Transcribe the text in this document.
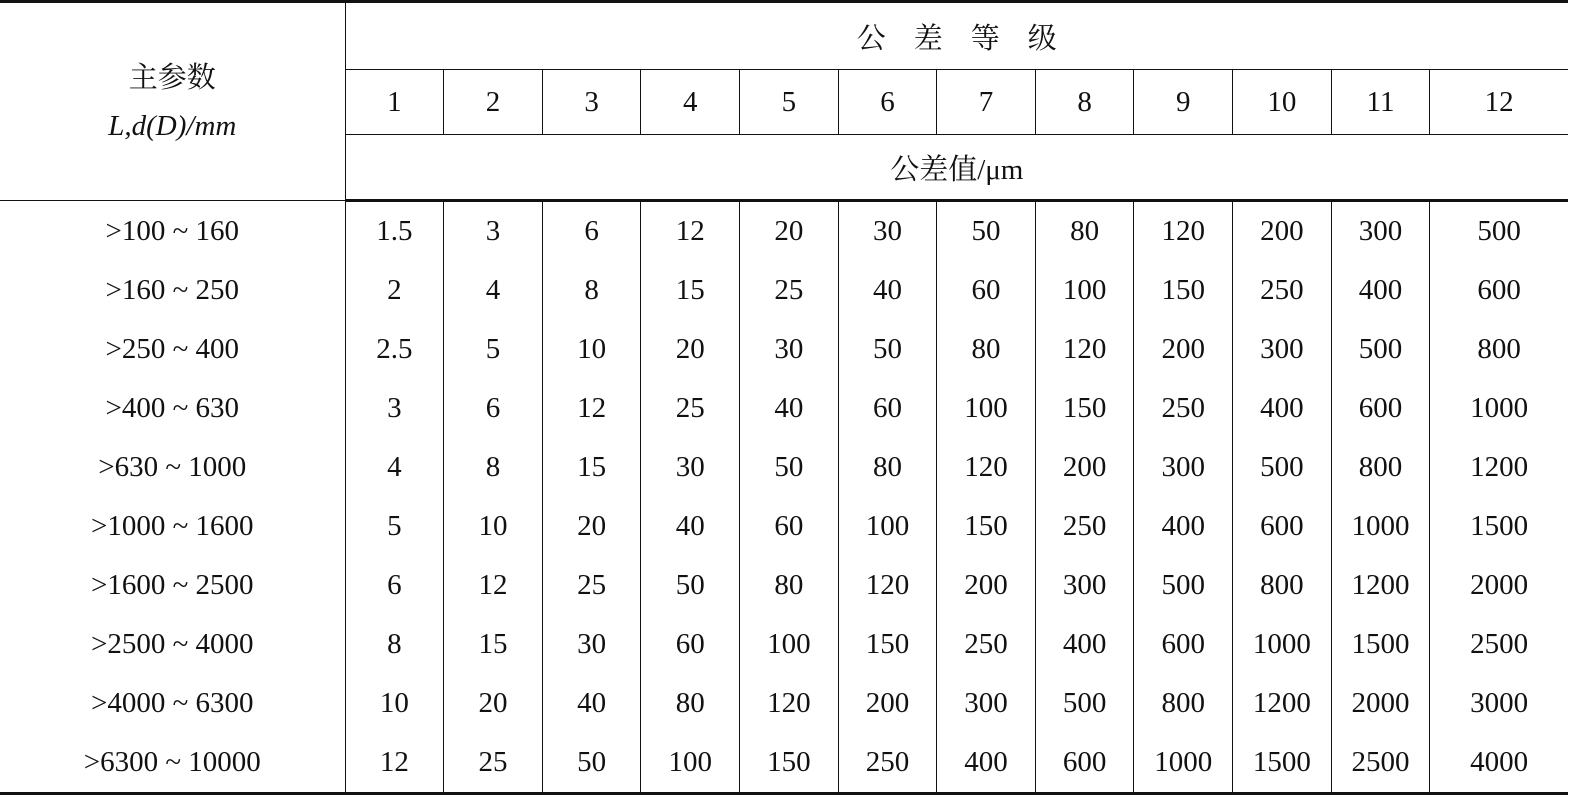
主参数
L,d(D)/mm	公差等级											
	1	2	3	4	5	6	7	8	9	10	11	12
	公差值/μm											
>100 ~ 160	1.5	3	6	12	20	30	50	80	120	200	300	500
>160 ~ 250	2	4	8	15	25	40	60	100	150	250	400	600
>250 ~ 400	2.5	5	10	20	30	50	80	120	200	300	500	800
>400 ~ 630	3	6	12	25	40	60	100	150	250	400	600	1000
>630 ~ 1000	4	8	15	30	50	80	120	200	300	500	800	1200
>1000 ~ 1600	5	10	20	40	60	100	150	250	400	600	1000	1500
>1600 ~ 2500	6	12	25	50	80	120	200	300	500	800	1200	2000
>2500 ~ 4000	8	15	30	60	100	150	250	400	600	1000	1500	2500
>4000 ~ 6300	10	20	40	80	120	200	300	500	800	1200	2000	3000
>6300 ~ 10000	12	25	50	100	150	250	400	600	1000	1500	2500	4000
